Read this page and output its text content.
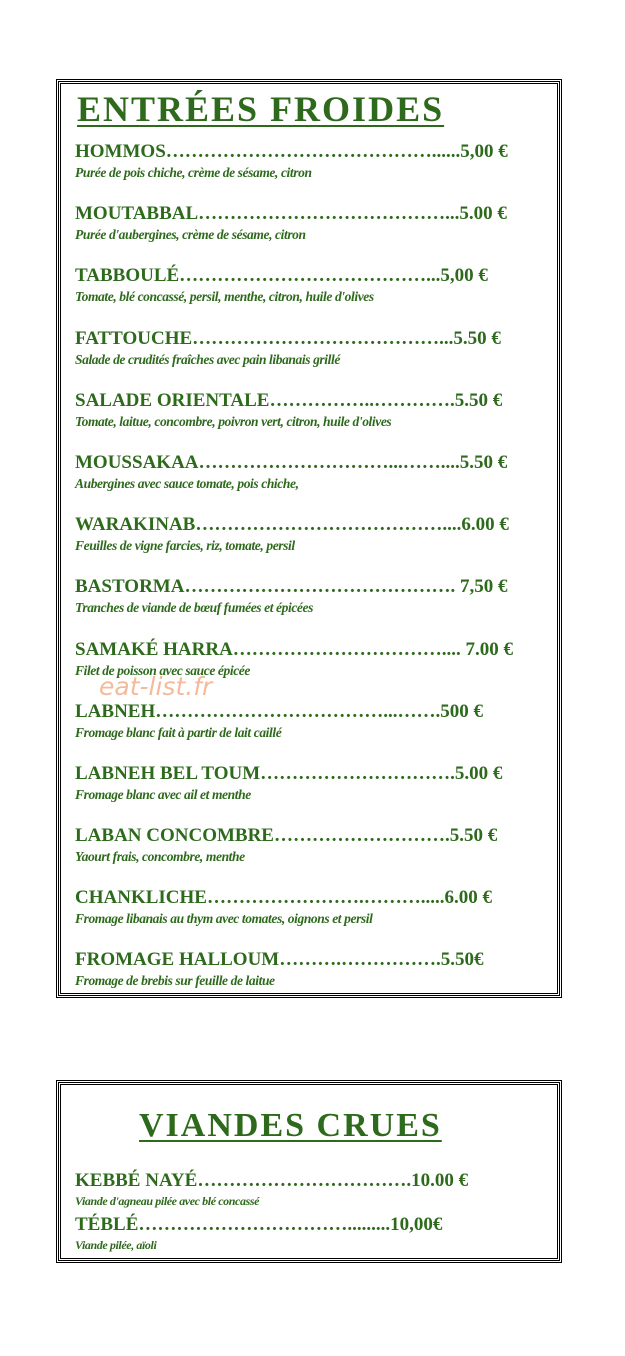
ENTRÉES FROIDES
HOMMOS……………………………………......5,00 €
Purée de pois chiche, crème de sésame, citron
MOUTABBAL…………………………………...5.00 €
Purée d'aubergines, crème de sésame, citron
TABBOULÉ…………………………………...5,00 €
Tomate, blé concassé, persil, menthe, citron, huile d'olives
FATTOUCHE…………………………………...5.50 €
Salade de crudités fraîches avec pain libanais grillé
SALADE ORIENTALE……………..………….5.50 €
Tomate, laitue, concombre, poivron vert, citron, huile d'olives
MOUSSAKAA…………………………...……....5.50 €
Aubergines avec sauce tomate, pois chiche,
WARAKINAB…………………………………....6.00 €
Feuilles de vigne farcies, riz, tomate, persil
BASTORMA……………………………………. 7,50 €
Tranches de viande de bœuf fumées et épicées
SAMAKÉ HARRA…………………………….... 7.00 €
Filet de poisson avec sauce épicée
LABNEH………………………………...…….500 €
Fromage blanc fait à partir de lait caillé
LABNEH BEL TOUM………………………….5.00 €
Fromage blanc avec ail et menthe
LABAN CONCOMBRE……………………….5.50 €
Yaourt frais, concombre, menthe
CHANKLICHE…………………….……….....6.00 €
Fromage libanais au thym avec tomates, oignons et persil
FROMAGE HALLOUM……….…………….5.50€
Fromage de brebis sur feuille de laitue
eat-list.fr
VIANDES CRUES
KEBBÉ NAYÉ…………………………….10.00 €
Viande d'agneau pilée avec blé concassé
TÉBLÉ…………………………….........10,00€
Viande pilée, aïoli
